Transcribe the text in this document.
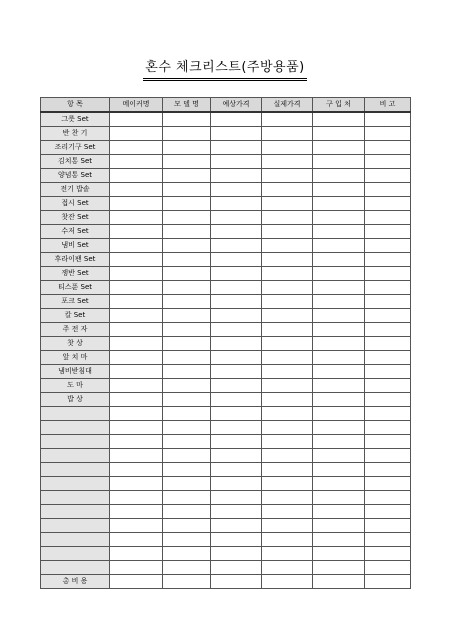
혼수 체크리스트(주방용품)
항 목	메이커명	모 델 명	예상가격	실제가격	구 입 처	비 고
그릇 Set						
반 찬 기						
조리기구 Set						
김치통 Set						
양념통 Set						
전기 밥솥						
접시 Set						
찻잔 Set						
수저 Set						
냄비 Set						
후라이팬 Set						
쟁반 Set						
티스푼 Set						
포크 Set						
칼 Set						
주 전 자						
찻 상						
앞 치 마						
냄비받침대						
도 마						
밥 상						

총 비 용						
